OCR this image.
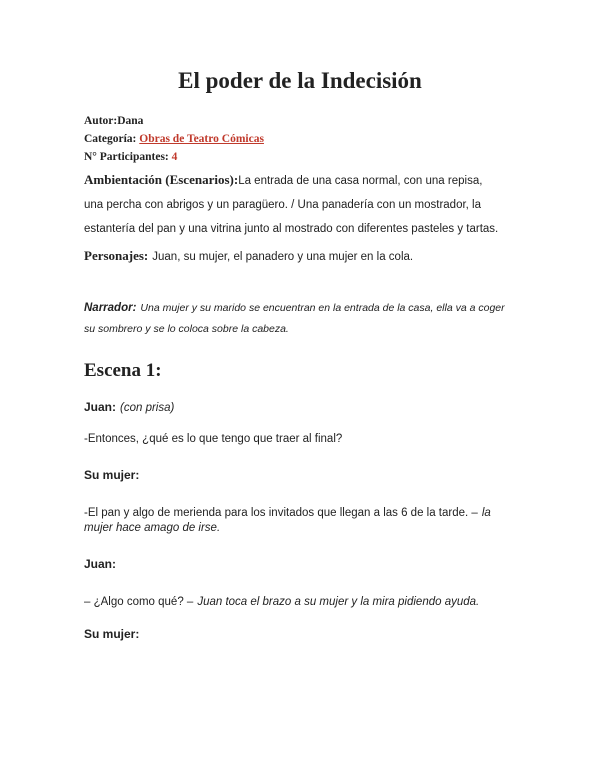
El poder de la Indecisión
Autor:Dana
Categoría: Obras de Teatro Cómicas
N° Participantes: 4
Ambientación (Escenarios):La entrada de una casa normal, con una repisa,
una percha con abrigos y un paragüero. / Una panadería con un mostrador, la
estantería del pan y una vitrina junto al mostrado con diferentes pasteles y tartas.
Personajes: Juan, su mujer, el panadero y una mujer en la cola.
Narrador: Una mujer y su marido se encuentran en la entrada de la casa, ella va a coger
su sombrero y se lo coloca sobre la cabeza.
Escena 1:
Juan: (con prisa)
-Entonces, ¿qué es lo que tengo que traer al final?
Su mujer:
-El pan y algo de merienda para los invitados que llegan a las 6 de la tarde. – la
mujer hace amago de irse.
Juan:
– ¿Algo como qué? – Juan toca el brazo a su mujer y la mira pidiendo ayuda.
Su mujer:
